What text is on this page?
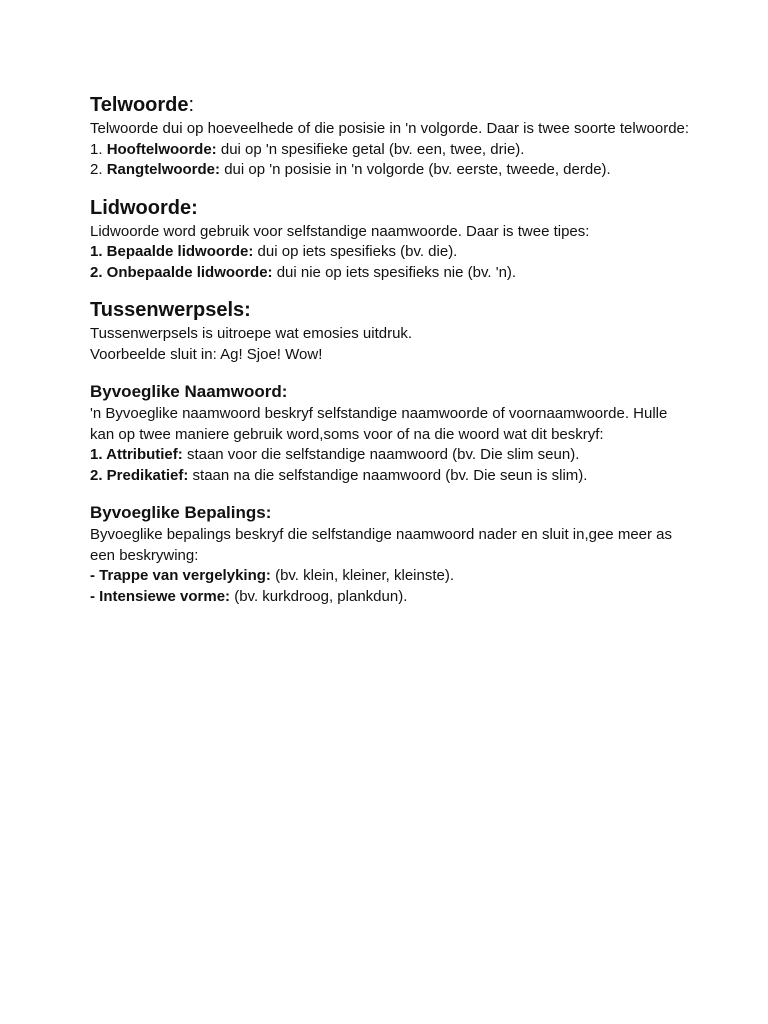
Telwoorde:

Telwoorde dui op hoeveelhede of die posisie in 'n volgorde. Daar is twee soorte telwoorde:

1. Hooftelwoorde: dui op 'n spesifieke getal (bv. een, twee, drie).

2. Rangtelwoorde: dui op 'n posisie in 'n volgorde (bv. eerste, tweede, derde).

Lidwoorde:

Lidwoorde word gebruik voor selfstandige naamwoorde. Daar is twee tipes:

1. Bepaalde lidwoorde: dui op iets spesifieks (bv. die).

2. Onbepaalde lidwoorde: dui nie op iets spesifieks nie (bv. 'n).

Tussenwerpsels:

Tussenwerpsels is uitroepe wat emosies uitdruk.

Voorbeelde sluit in: Ag! Sjoe! Wow!

Byvoeglike Naamwoord:

'n Byvoeglike naamwoord beskryf selfstandige naamwoorde of voornaamwoorde. Hulle kan op twee maniere gebruik word,soms voor of na die woord wat dit beskryf:

1. Attributief: staan voor die selfstandige naamwoord (bv. Die slim seun).

2. Predikatief: staan na die selfstandige naamwoord (bv. Die seun is slim).

Byvoeglike Bepalings:

Byvoeglike bepalings beskryf die selfstandige naamwoord nader en sluit in,gee meer as een beskrywing:

- Trappe van vergelyking: (bv. klein, kleiner, kleinste).

- Intensiewe vorme: (bv. kurkdroog, plankdun).
